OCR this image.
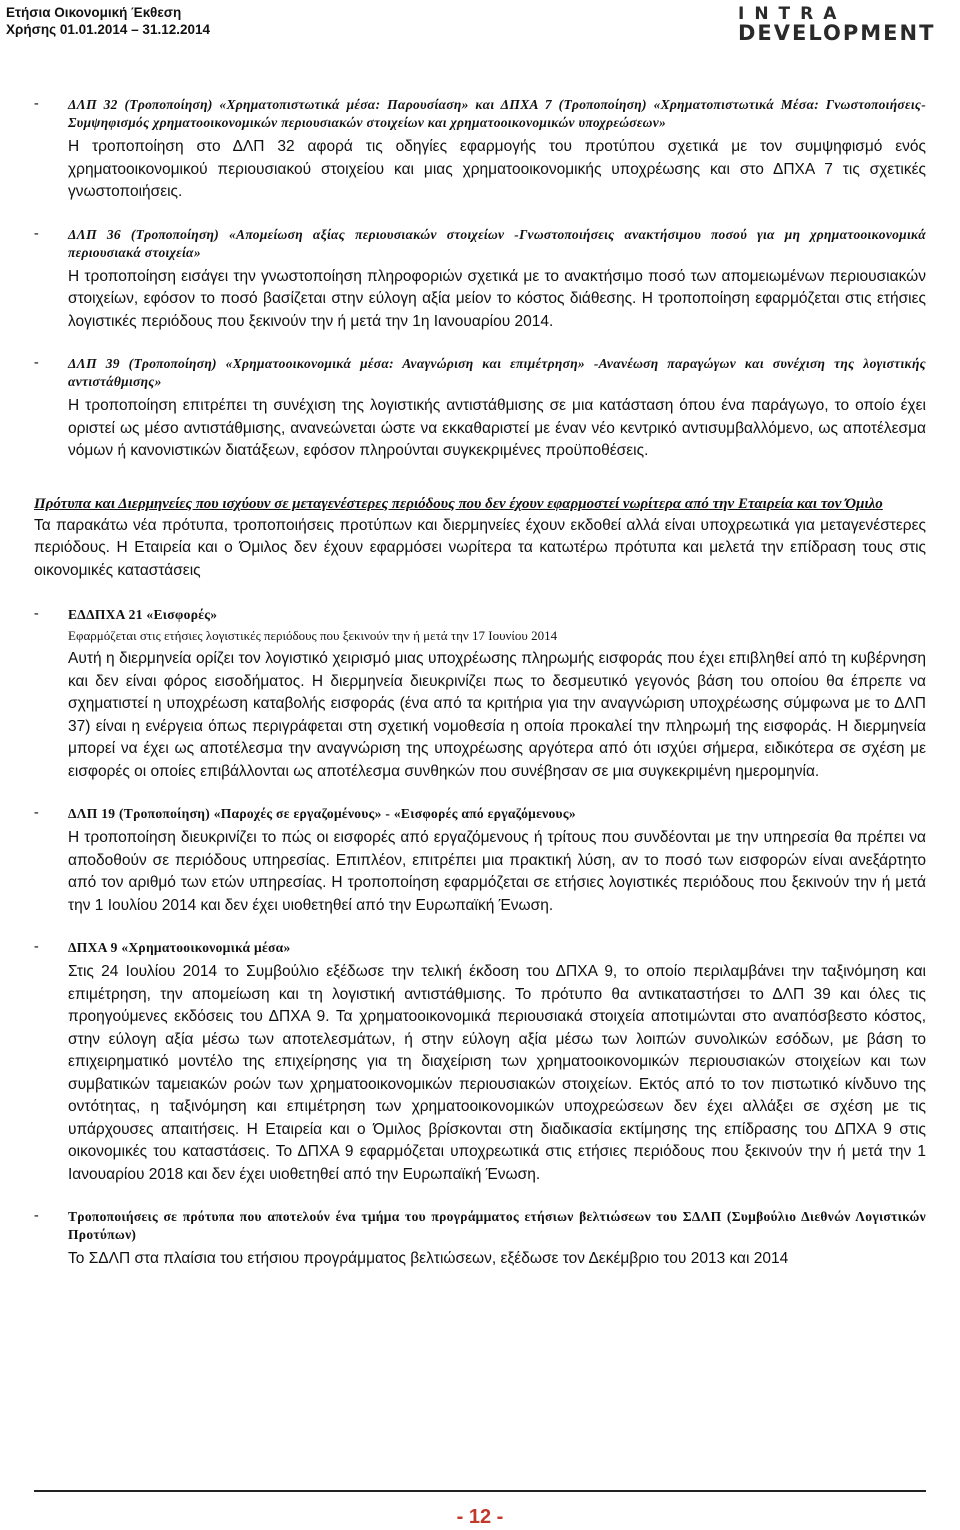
Ετήσια Οικονομική Έκθεση
Χρήσης 01.01.2014 – 31.12.2014
INTRA
DEVELOPMENT
- ΔΛΠ 32 (Τροποποίηση) «Χρηματοπιστωτικά μέσα: Παρουσίαση» και ΔΠΧΑ 7 (Τροποποίηση) «Χρηματοπιστωτικά Μέσα: Γνωστοποιήσεις-Συμψηφισμός χρηματοοικονομικών περιουσιακών στοιχείων και χρηματοοικονομικών υποχρεώσεων»
Η τροποποίηση στο ΔΛΠ 32 αφορά τις οδηγίες εφαρμογής του προτύπου σχετικά με τον συμψηφισμό ενός χρηματοοικονομικού περιουσιακού στοιχείου και μιας χρηματοοικονομικής υποχρέωσης και στο ΔΠΧΑ 7 τις σχετικές γνωστοποιήσεις.
- ΔΛΠ 36 (Τροποποίηση) «Απομείωση αξίας περιουσιακών στοιχείων -Γνωστοποιήσεις ανακτήσιμου ποσού για μη χρηματοοικονομικά περιουσιακά στοιχεία»
Η τροποποίηση εισάγει την γνωστοποίηση πληροφοριών σχετικά με το ανακτήσιμο ποσό των απομειωμένων περιουσιακών στοιχείων, εφόσον το ποσό βασίζεται στην εύλογη αξία μείον το κόστος διάθεσης. Η τροποποίηση εφαρμόζεται στις ετήσιες λογιστικές περιόδους που ξεκινούν την ή μετά την 1η Ιανουαρίου 2014.
- ΔΛΠ 39 (Τροποποίηση) «Χρηματοοικονομικά μέσα: Αναγνώριση και επιμέτρηση» -Ανανέωση παραγώγων και συνέχιση της λογιστικής αντιστάθμισης»
Η τροποποίηση επιτρέπει τη συνέχιση της λογιστικής αντιστάθμισης σε μια κατάσταση όπου ένα παράγωγο, το οποίο έχει οριστεί ως μέσο αντιστάθμισης, ανανεώνεται ώστε να εκκαθαριστεί με έναν νέο κεντρικό αντισυμβαλλόμενο, ως αποτέλεσμα νόμων ή κανονιστικών διατάξεων, εφόσον πληρούνται συγκεκριμένες προϋποθέσεις.
Πρότυπα και Διερμηνείες που ισχύουν σε μεταγενέστερες περιόδους που δεν έχουν εφαρμοστεί νωρίτερα από την Εταιρεία και τον Όμιλο
Τα παρακάτω νέα πρότυπα, τροποποιήσεις προτύπων και διερμηνείες έχουν εκδοθεί αλλά είναι υποχρεωτικά για μεταγενέστερες περιόδους. Η Εταιρεία και ο Όμιλος δεν έχουν εφαρμόσει νωρίτερα τα κατωτέρω πρότυπα και μελετά την επίδραση τους στις οικονομικές καταστάσεις
- ΕΔΔΠΧΑ 21 «Εισφορές»
Εφαρμόζεται στις ετήσιες λογιστικές περιόδους που ξεκινούν την ή μετά την 17 Ιουνίου 2014
Αυτή η διερμηνεία ορίζει τον λογιστικό χειρισμό μιας υποχρέωσης πληρωμής εισφοράς που έχει επιβληθεί από τη κυβέρνηση και δεν είναι φόρος εισοδήματος. Η διερμηνεία διευκρινίζει πως το δεσμευτικό γεγονός βάση του οποίου θα έπρεπε να σχηματιστεί η υποχρέωση καταβολής εισφοράς (ένα από τα κριτήρια για την αναγνώριση υποχρέωσης σύμφωνα με το ΔΛΠ 37) είναι η ενέργεια όπως περιγράφεται στη σχετική νομοθεσία η οποία προκαλεί την πληρωμή της εισφοράς. Η διερμηνεία μπορεί να έχει ως αποτέλεσμα την αναγνώριση της υποχρέωσης αργότερα από ότι ισχύει σήμερα, ειδικότερα σε σχέση με εισφορές οι οποίες επιβάλλονται ως αποτέλεσμα συνθηκών που συνέβησαν σε μια συγκεκριμένη ημερομηνία.
- ΔΛΠ 19 (Τροποποίηση) «Παροχές σε εργαζομένους» - «Εισφορές από εργαζόμενους»
Η τροποποίηση διευκρινίζει το πώς οι εισφορές από εργαζόμενους ή τρίτους που συνδέονται με την υπηρεσία θα πρέπει να αποδοθούν σε περιόδους υπηρεσίας. Επιπλέον, επιτρέπει μια πρακτική λύση, αν το ποσό των εισφορών είναι ανεξάρτητο από τον αριθμό των ετών υπηρεσίας. Η τροποποίηση εφαρμόζεται σε ετήσιες λογιστικές περιόδους που ξεκινούν την ή μετά την 1 Ιουλίου 2014 και δεν έχει υιοθετηθεί από την Ευρωπαϊκή Ένωση.
- ΔΠΧΑ 9 «Χρηματοοικονομικά μέσα»
Στις 24 Ιουλίου 2014 το Συμβούλιο εξέδωσε την τελική έκδοση του ΔΠΧΑ 9, το οποίο περιλαμβάνει την ταξινόμηση και επιμέτρηση, την απομείωση και τη λογιστική αντιστάθμισης. Το πρότυπο θα αντικαταστήσει το ΔΛΠ 39 και όλες τις προηγούμενες εκδόσεις του ΔΠΧΑ 9. Τα χρηματοοικονομικά περιουσιακά στοιχεία αποτιμώνται στο αναπόσβεστο κόστος, στην εύλογη αξία μέσω των αποτελεσμάτων, ή στην εύλογη αξία μέσω των λοιπών συνολικών εσόδων, με βάση το επιχειρηματικό μοντέλο της επιχείρησης για τη διαχείριση των χρηματοοικονομικών περιουσιακών στοιχείων και των συμβατικών ταμειακών ροών των χρηματοοικονομικών περιουσιακών στοιχείων. Εκτός από το τον πιστωτικό κίνδυνο της οντότητας, η ταξινόμηση και επιμέτρηση των χρηματοοικονομικών υποχρεώσεων δεν έχει αλλάξει σε σχέση με τις υπάρχουσες απαιτήσεις. Η Εταιρεία και ο Όμιλος βρίσκονται στη διαδικασία εκτίμησης της επίδρασης του ΔΠΧΑ 9 στις οικονομικές του καταστάσεις. Το ΔΠΧΑ 9 εφαρμόζεται υποχρεωτικά στις ετήσιες περιόδους που ξεκινούν την ή μετά την 1 Ιανουαρίου 2018 και δεν έχει υιοθετηθεί από την Ευρωπαϊκή Ένωση.
- Τροποποιήσεις σε πρότυπα που αποτελούν ένα τμήμα του προγράμματος ετήσιων βελτιώσεων του ΣΔΛΠ (Συμβούλιο Διεθνών Λογιστικών Προτύπων)
Το ΣΔΛΠ στα πλαίσια του ετήσιου προγράμματος βελτιώσεων, εξέδωσε τον Δεκέμβριο του 2013 και 2014
- 12 -
